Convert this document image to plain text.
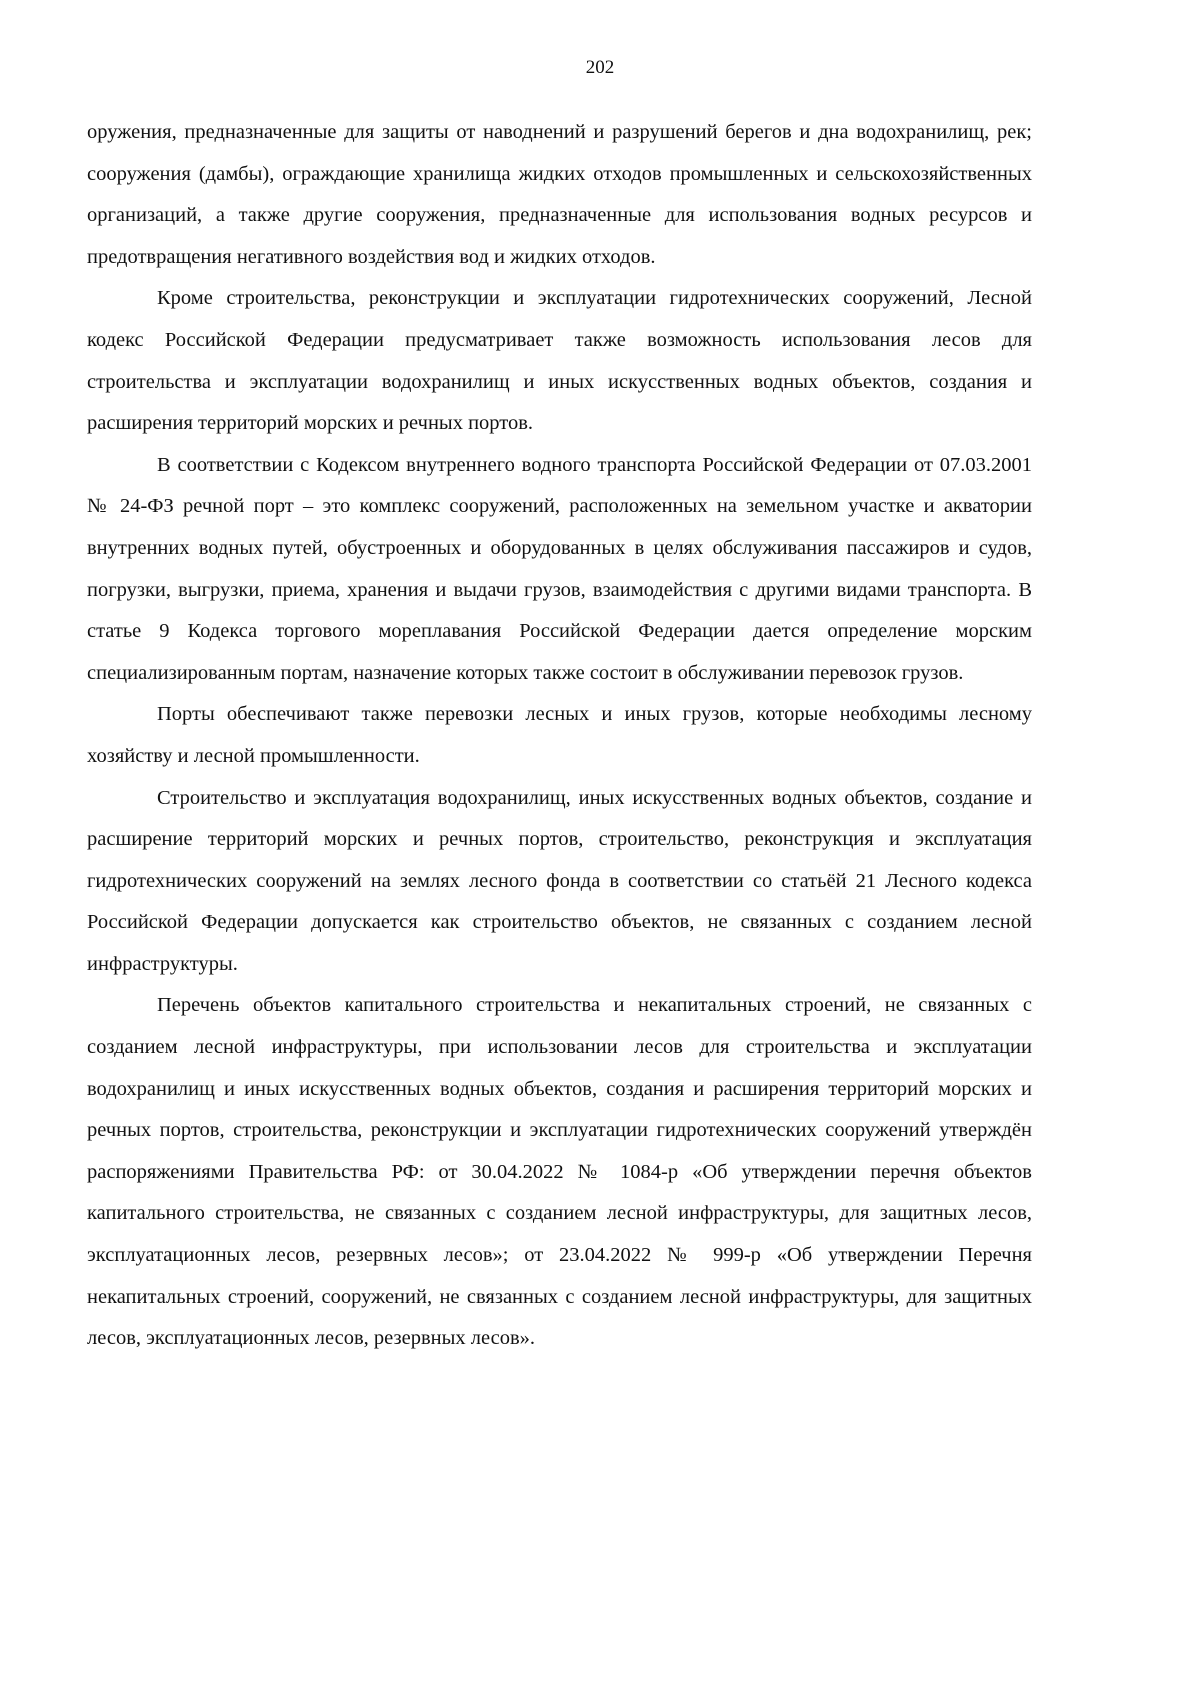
202

оружения, предназначенные для защиты от наводнений и разрушений берегов и дна водохранилищ, рек; сооружения (дамбы), ограждающие хранилища жидких отходов промышленных и сельскохозяйственных организаций, а также другие сооружения, предназначенные для использования водных ресурсов и предотвращения негативного воздействия вод и жидких отходов.

Кроме строительства, реконструкции и эксплуатации гидротехнических сооружений, Лесной кодекс Российской Федерации предусматривает также возможность использования лесов для строительства и эксплуатации водохранилищ и иных искусственных водных объектов, создания и расширения территорий морских и речных портов.

В соответствии с Кодексом внутреннего водного транспорта Российской Федерации от 07.03.2001 № 24-ФЗ речной порт – это комплекс сооружений, расположенных на земельном участке и акватории внутренних водных путей, обустроенных и оборудованных в целях обслуживания пассажиров и судов, погрузки, выгрузки, приема, хранения и выдачи грузов, взаимодействия с другими видами транспорта. В статье 9 Кодекса торгового мореплавания Российской Федерации дается определение морским специализированным портам, назначение которых также состоит в обслуживании перевозок грузов.

Порты обеспечивают также перевозки лесных и иных грузов, которые необходимы лесному хозяйству и лесной промышленности.

Строительство и эксплуатация водохранилищ, иных искусственных водных объектов, создание и расширение территорий морских и речных портов, строительство, реконструкция и эксплуатация гидротехнических сооружений на землях лесного фонда в соответствии со статьёй 21 Лесного кодекса Российской Федерации допускается как строительство объектов, не связанных с созданием лесной инфраструктуры.

Перечень объектов капитального строительства и некапитальных строений, не связанных с созданием лесной инфраструктуры, при использовании лесов для строительства и эксплуатации водохранилищ и иных искусственных водных объектов, создания и расширения территорий морских и речных портов, строительства, реконструкции и эксплуатации гидротехнических сооружений утверждён распоряжениями Правительства РФ: от 30.04.2022 № 1084-р «Об утверждении перечня объектов капитального строительства, не связанных с созданием лесной инфраструктуры, для защитных лесов, эксплуатационных лесов, резервных лесов»; от 23.04.2022 № 999-р «Об утверждении Перечня некапитальных строений, сооружений, не связанных с созданием лесной инфраструктуры, для защитных лесов, эксплуатационных лесов, резервных лесов».
